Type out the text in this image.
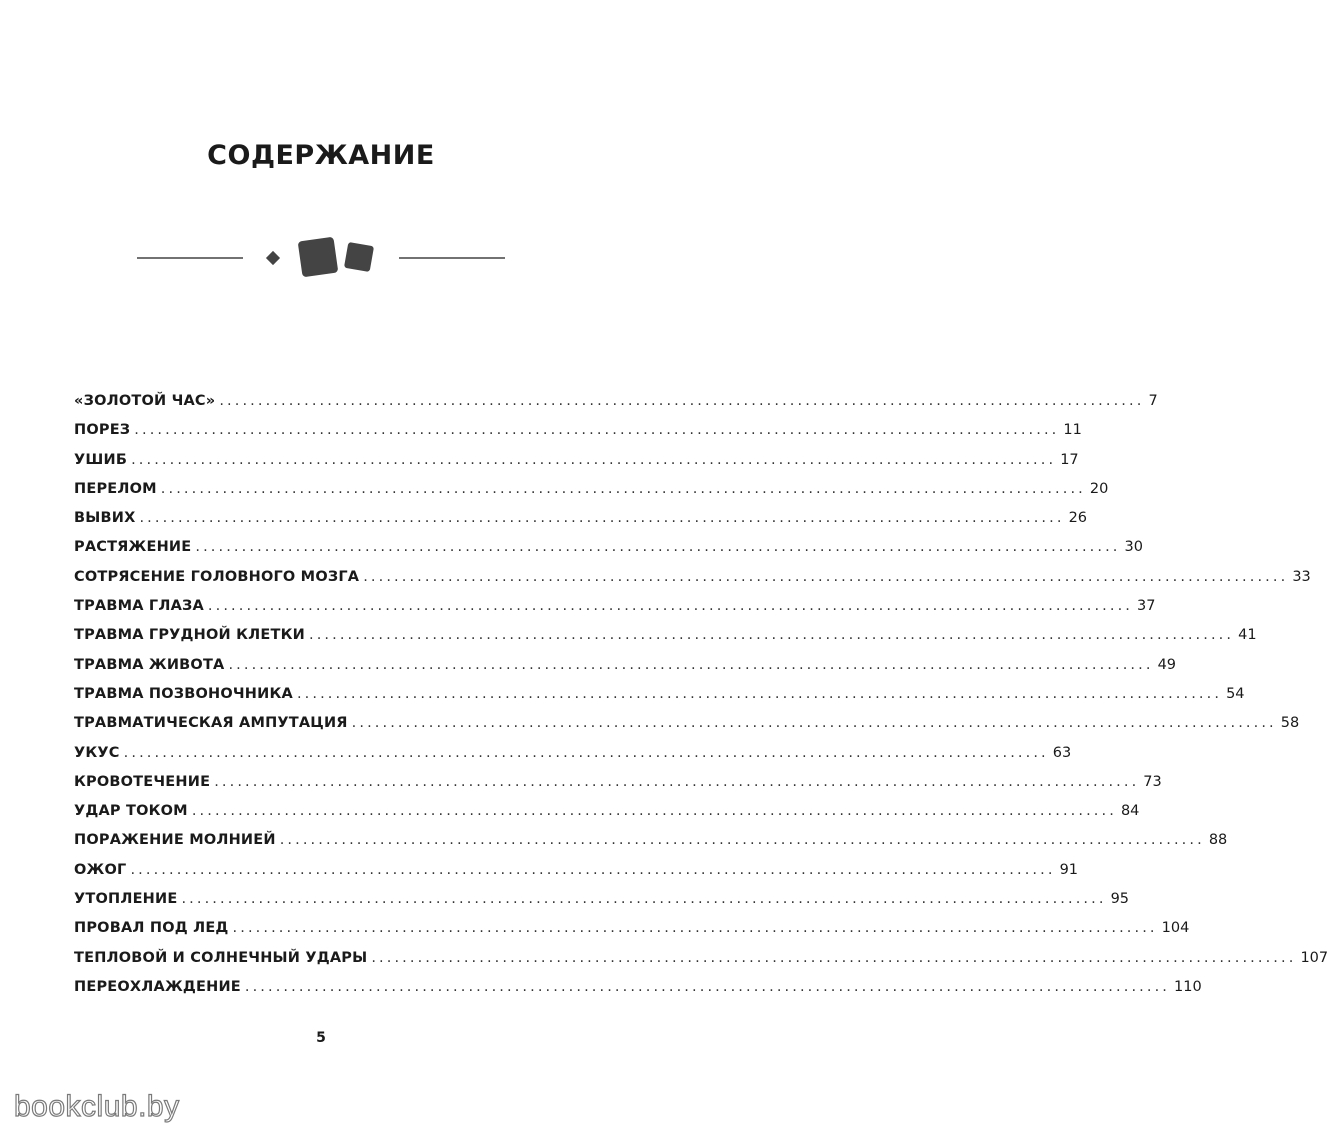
СОДЕРЖАНИЕ
«ЗОЛОТОЙ ЧАС» ........................................................................................................................ 7
ПОРЕЗ ........................................................................................................................ 11
УШИБ ........................................................................................................................ 17
ПЕРЕЛОМ ........................................................................................................................ 20
ВЫВИХ ........................................................................................................................ 26
РАСТЯЖЕНИЕ ........................................................................................................................ 30
СОТРЯСЕНИЕ ГОЛОВНОГО МОЗГА ........................................................................................................................ 33
ТРАВМА ГЛАЗА ........................................................................................................................ 37
ТРАВМА ГРУДНОЙ КЛЕТКИ ........................................................................................................................ 41
ТРАВМА ЖИВОТА ........................................................................................................................ 49
ТРАВМА ПОЗВОНОЧНИКА ........................................................................................................................ 54
ТРАВМАТИЧЕСКАЯ АМПУТАЦИЯ ........................................................................................................................ 58
УКУС ........................................................................................................................ 63
КРОВОТЕЧЕНИЕ ........................................................................................................................ 73
УДАР ТОКОМ ........................................................................................................................ 84
ПОРАЖЕНИЕ МОЛНИЕЙ ........................................................................................................................ 88
ОЖОГ ........................................................................................................................ 91
УТОПЛЕНИЕ ........................................................................................................................ 95
ПРОВАЛ ПОД ЛЕД ........................................................................................................................ 104
ТЕПЛОВОЙ И СОЛНЕЧНЫЙ УДАРЫ ........................................................................................................................ 107
ПЕРЕОХЛАЖДЕНИЕ ........................................................................................................................ 110
5
bookclub.by
